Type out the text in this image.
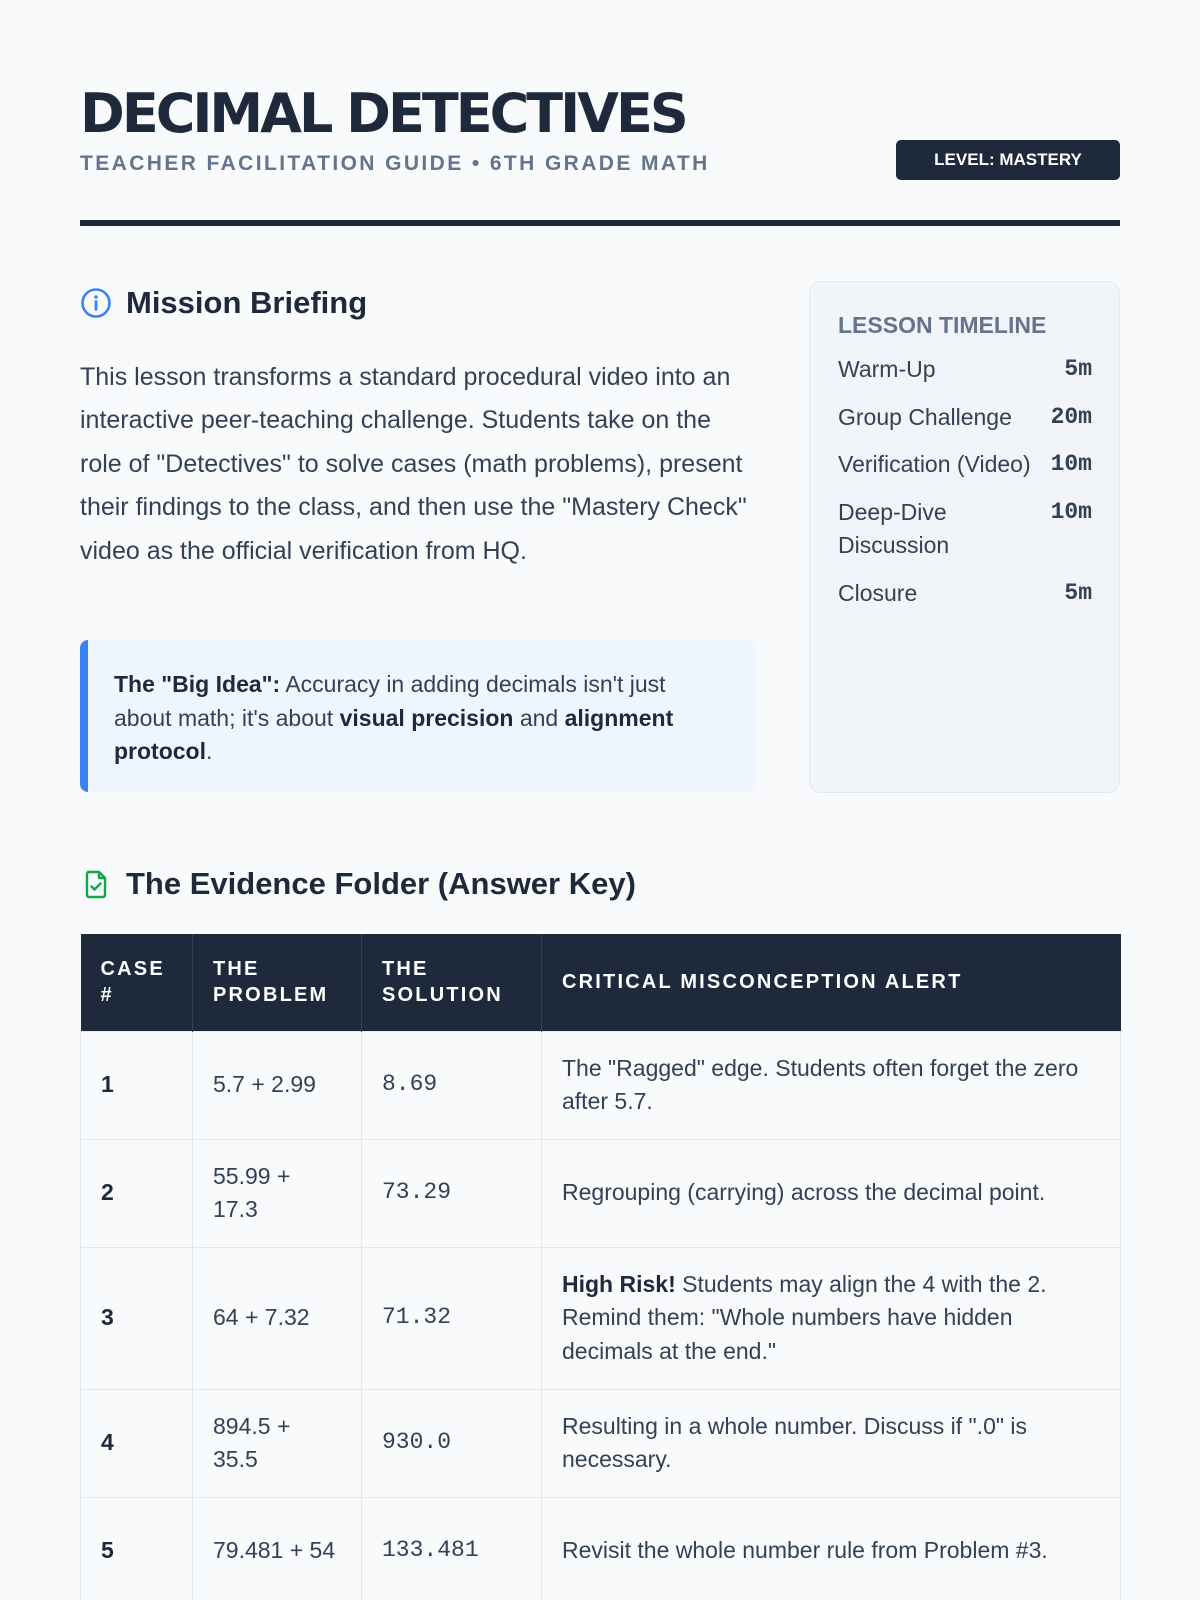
DECIMAL DETECTIVES
TEACHER FACILITATION GUIDE • 6TH GRADE MATH	LEVEL: MASTERY
Mission Briefing

This lesson transforms a standard procedural video into an interactive peer-teaching challenge. Students take on the role of "Detectives" to solve cases (math problems), present their findings to the class, and then use the "Mastery Check" video as the official verification from HQ.

The "Big Idea": Accuracy in adding decimals isn't just about math; it's about visual precision and alignment protocol.
LESSON TIMELINE
Warm-Up	5m
Group Challenge	20m
Verification (Video) 10m
Deep-Dive Discussion
10m
Closure	5m
The Evidence Folder (Answer Key)
CASE #	THE PROBLEM	THE SOLUTION	CRITICAL MISCONCEPTION ALERT
1	5.7 + 2.99	8.69	The "Ragged" edge. Students often forget the zero after 5.7.
2	55.99 + 17.3	73.29	Regrouping (carrying) across the decimal point.
3	64 + 7.32	71.32	High Risk! Students may align the 4 with the 2. Remind them: "Whole numbers have hidden decimals at the end."
4	894.5 + 35.5	930.0	Resulting in a whole number. Discuss if ".0" is necessary.
5	79.481 + 54	133.481	Revisit the whole number rule from Problem #3.
